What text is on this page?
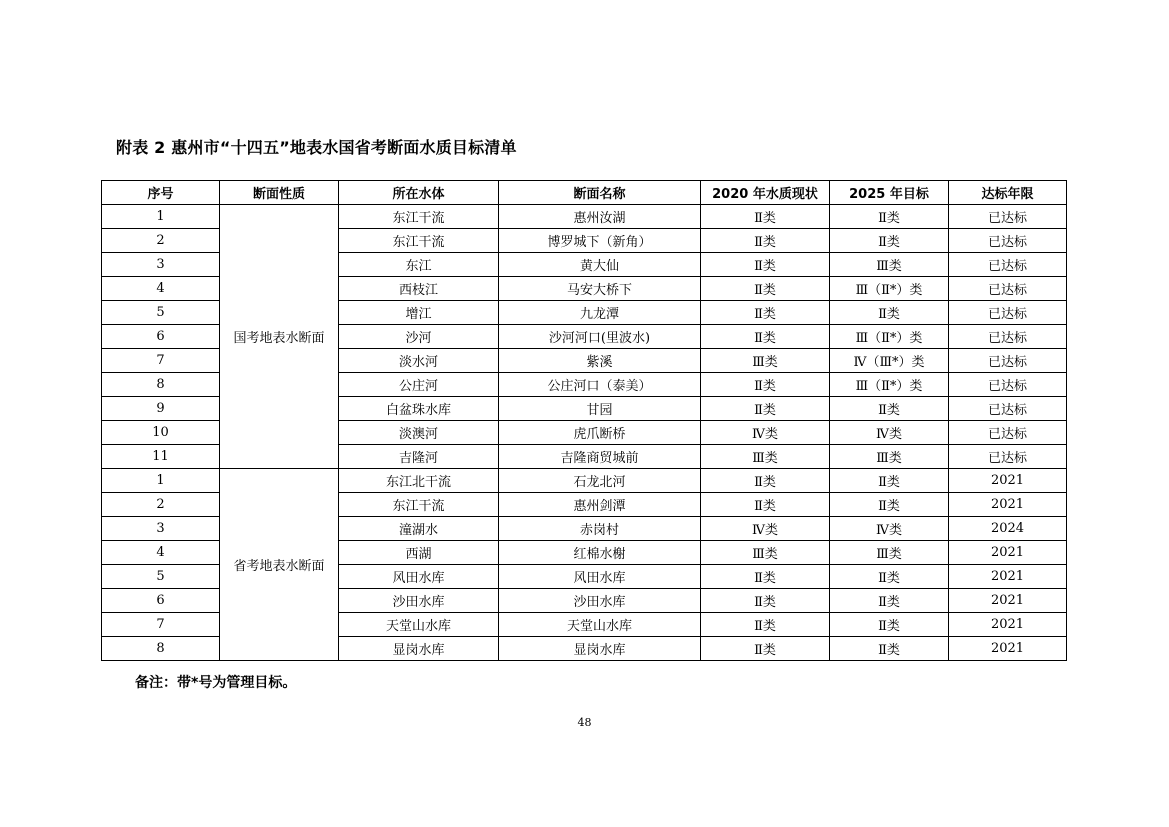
附表 2 惠州市“十四五”地表水国省考断面水质目标清单
序号	断面性质	所在水体	断面名称	2020 年水质现状	2025 年目标	达标年限
1	国考地表水断面	东江干流	惠州汝湖	Ⅱ类	Ⅱ类	已达标
2		东江干流	博罗城下（新角）	Ⅱ类	Ⅱ类	已达标
3		东江	黄大仙	Ⅱ类	Ⅲ类	已达标
4		西枝江	马安大桥下	Ⅱ类	Ⅲ（Ⅱ*）类	已达标
5		增江	九龙潭	Ⅱ类	Ⅱ类	已达标
6		沙河	沙河河口(里波水)	Ⅱ类	Ⅲ（Ⅱ*）类	已达标
7		淡水河	紫溪	Ⅲ类	Ⅳ（Ⅲ*）类	已达标
8		公庄河	公庄河口（泰美）	Ⅱ类	Ⅲ（Ⅱ*）类	已达标
9		白盆珠水库	甘园	Ⅱ类	Ⅱ类	已达标
10		淡澳河	虎爪断桥	Ⅳ类	Ⅳ类	已达标
11		吉隆河	吉隆商贸城前	Ⅲ类	Ⅲ类	已达标
1	省考地表水断面	东江北干流	石龙北河	Ⅱ类	Ⅱ类	2021
2		东江干流	惠州剑潭	Ⅱ类	Ⅱ类	2021
3		潼湖水	赤岗村	Ⅳ类	Ⅳ类	2024
4		西湖	红棉水榭	Ⅲ类	Ⅲ类	2021
5		风田水库	风田水库	Ⅱ类	Ⅱ类	2021
6		沙田水库	沙田水库	Ⅱ类	Ⅱ类	2021
7		天堂山水库	天堂山水库	Ⅱ类	Ⅱ类	2021
8		显岗水库	显岗水库	Ⅱ类	Ⅱ类	2021
备注：带*号为管理目标。
48
